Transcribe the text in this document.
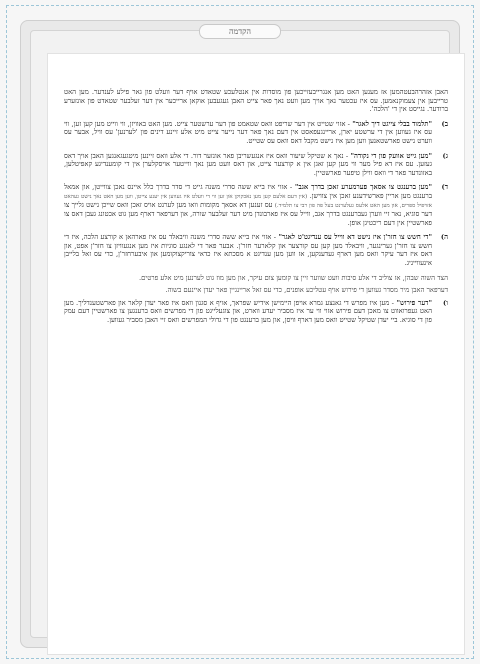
הקדמה

האבן אזהרהבעטהמען אז מענען האט מען אנגרייבעזייכען פון מוסדות אין אנטלעכע שטאדט אויף דער וועלט פון גאר פילע לענדער. מען האט טרייבען אין צעמוקנאמען. עס איז עכטער נאך אויך מען וועט נאך פאר צייט האבן געגעבען אוקאן ארייכער אין דער זעלבער שטאדט פון אונזערע ברודער. נגייסט אין די 'הלכה'.

ב)
"תלמוד בבלי צייגט דיך לאגר" - אזוי שטייט אין דער שריפט וואס שטאמט פון דער ערשטער צייט. מען האט באוויזן, ווי ווייט מען קען זען, ווי עס איז געווען אין די ערשטע יארן, אריינגעפאסט אין דעם נאך פאר דער נייער צייט מיט אלע זיינע דינים פון 'לערנען' עס וויל, אבער עס ווערט נישט פארשטאנען ווען מען איז נישט מקבל דאס וואס עס שטייט.
ג)
"מען גייט אוועק פון די נקודה" - נאך א שטיקל שיעור וואס איז אנגעשריבן פאר אונזער דור. די אלע וואס זיינען מיטגעגאנגען האבן אויך דאס געזען. עס איז דא פיל מער ווי מען קען זאגן אין א קורצער צייט, און דאס וועט מען נאך ווייטער אויסקלערן אין די קומענדיגע קאפיטלען, באזונדער פאר די וואס ווילן טיפער פארשטיין.
ד)
"מען ברענגט צו אסאך פערמערע זאכן בדרך אגב" - אזוי איז בייא ששה סדרי משנה גייט די סדר בדרך כלל איינס נאכן צווייטן, און אמאל ברענגט מען אריין פארשידענע זאכן אין צווישן. (אין דעם אלעם קען מען נאכקוקן און זען ווי די וועלט איז געווען אין יענע צייטן, ווען מען האט נאך נישט געהאט אזויפיל ספרים, און מען האט אלעס געלערנט בעל פה פון רבי צו תלמיד.) עס זענען דא אסאך מקומות וואו מען לערנט אויס זאכן וואס שייכן נישט גלייך צו דער סוגיא, נאר זיי ווערן געברענגט בדרך אגב, ווייל עס איז פארבונדן מיט דער זעלבער שורה, און דערפאר דארף מען גוט אכטונג געבן דאס צו פארשטיין אין דעם ריכטיגן אופן.
ה)
"די חשש צו חזר'ן איז נישט דא ווייל עס ענדיגט'ט לאגר" - אזוי איז בייא ששה סדרי משנה וויבאלד עס איז פארהאן א קורצע הלכה, איז די חשש צו חזר'ן גערינגער, וויבאלד מען קען עס קורצער און קלארער חזר'ן. אבער פאר די לאנגע סוגיות איז מען אנגעוויזן צו חזר'ן אפט, און דאס איז דער עיקר וואס מען דארף געדענקען, אז ווען מען ענדיגט א מסכתא איז כדאי צוריקצוקומען און איבערחזר'ן, כדי עס זאל בלייבן אינעווייניג.

הצד השוה שבהן, אז צוליב די אלע סיבות וועט שווער זיין צו קומען צום עיקר, און מען מוז גוט לערנען מיט אלע פרטים.

דערפאר האבן מיר מסדר געווען די פירוש אויף עטליכע אופנים, כדי עס זאל אריינגיין פאר יעדן איינעם בשוה.

ו)
"דער פירוש" - מען איז מפרש די גאנצע גמרא אויפן היימישן אידיש שפראך, אויף א סגנון וואס איז פאר יעדן קלאר און פארשטענדליך. מען האט געפרואווט צו מאכן דעם פירוש אזוי ווי ער איז מסביר יעדע ווארט, און צוגעלייגט פון די מפרשים וואס ברענגען צו פארשטיין דעם עמק פון די סוגיא. ביי יעדן שטיקל שטייט וואס מען דארף וויסן, און מען ברענגט פון די גדולי המפרשים וואס זיי האבן מסביר געווען.
